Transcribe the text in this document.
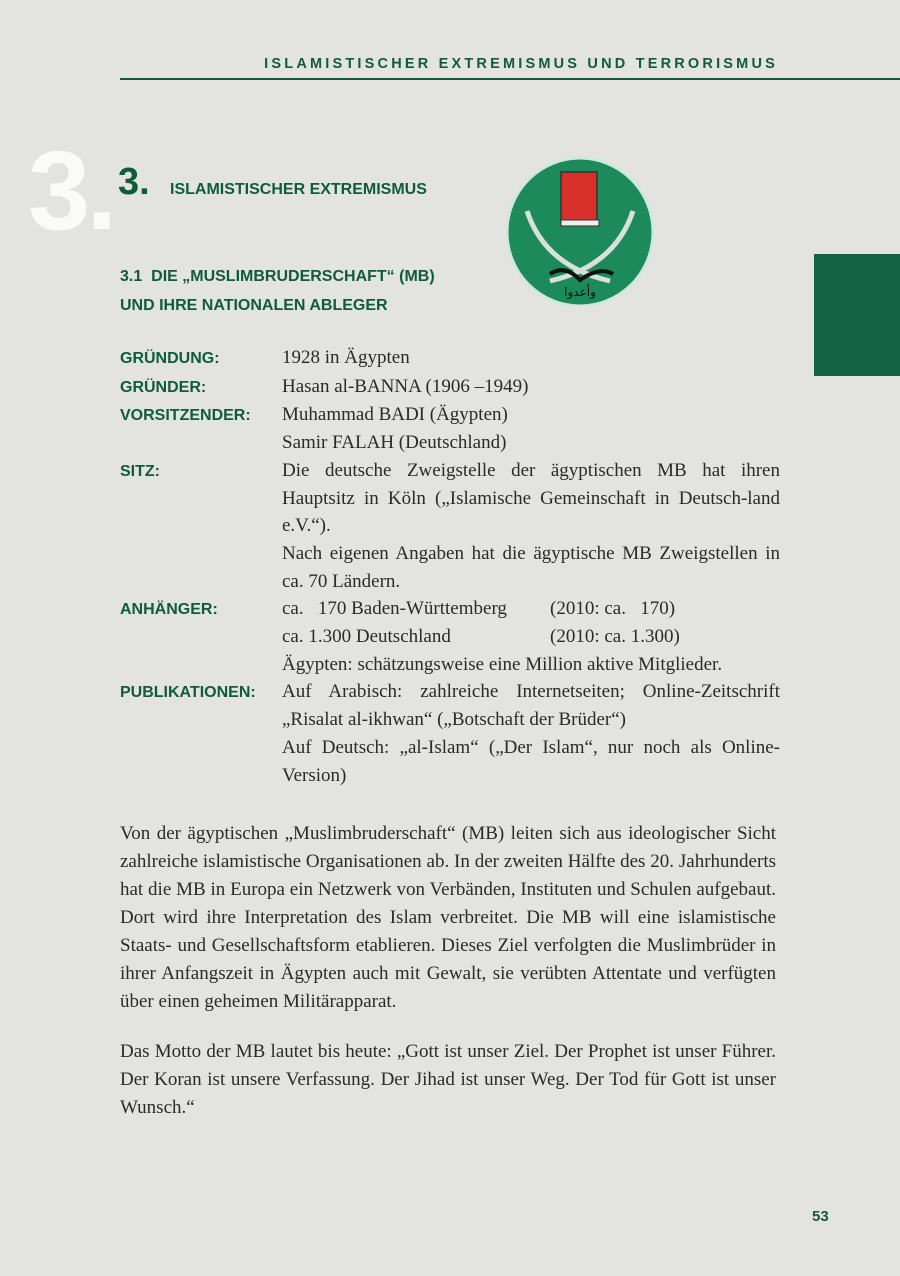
ISLAMISTISCHER EXTREMISMUS UND TERRORISMUS
3. 3. ISLAMISTISCHER EXTREMISMUS
3.1  DIE „MUSLIMBRUDERSCHAFT“ (MB)
UND IHRE NATIONALEN ABLEGER
وأعدوا
GRÜNDUNG:	1928 in Ägypten
GRÜNDER:	Hasan al-BANNA (1906 –1949)
VORSITZENDER:	Muhammad BADI (Ägypten)
Samir FALAH (Deutschland)
SITZ:	Die deutsche Zweigstelle der ägyptischen MB hat ihren Hauptsitz in Köln („Islamische Gemeinschaft in Deutsch-land e.V.“).
Nach eigenen Angaben hat die ägyptische MB Zweigstellen in ca. 70 Ländern.
ANHÄNGER:	ca.   170 Baden-Württemberg (2010: ca.   170)
ca. 1.300 Deutschland	(2010: ca. 1.300)
Ägypten: schätzungsweise eine Million aktive Mitglieder.
PUBLIKATIONEN:	Auf Arabisch: zahlreiche Internetseiten; Online-Zeitschrift „Risalat al-ikhwan“ („Botschaft der Brüder“)
Auf Deutsch: „al-Islam“ („Der Islam“, nur noch als Online-Version)

Von der ägyptischen „Muslimbruderschaft“ (MB) leiten sich aus ideologischer Sicht zahlreiche islamistische Organisationen ab. In der zweiten Hälfte des 20. Jahrhunderts hat die MB in Europa ein Netzwerk von Verbänden, Instituten und Schulen aufgebaut. Dort wird ihre Interpretation des Islam verbreitet. Die MB will eine islamistische Staats- und Gesellschaftsform etablieren. Dieses Ziel verfolgten die Muslimbrüder in ihrer Anfangszeit in Ägypten auch mit Gewalt, sie verübten Attentate und verfügten über einen geheimen Militärapparat.

Das Motto der MB lautet bis heute: „Gott ist unser Ziel. Der Prophet ist unser Führer. Der Koran ist unsere Verfassung. Der Jihad ist unser Weg. Der Tod für Gott ist unser Wunsch.“

53
